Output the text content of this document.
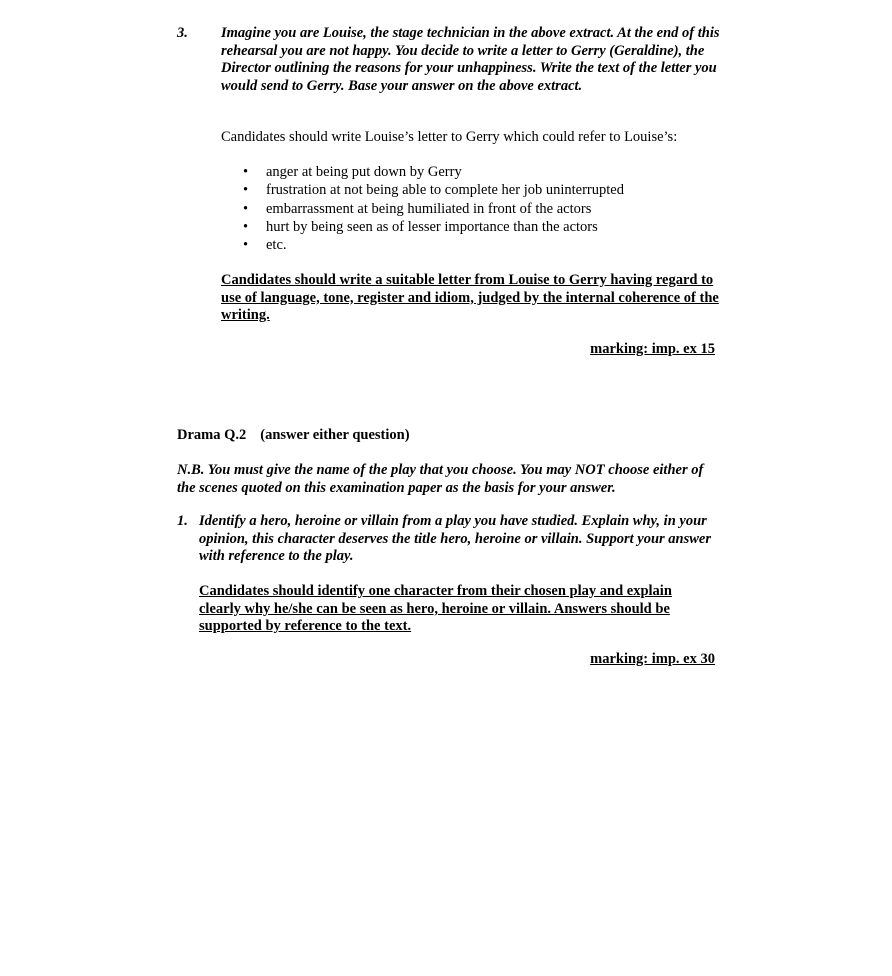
3. Imagine you are Louise, the stage technician in the above extract. At the end of this rehearsal you are not happy. You decide to write a letter to Gerry (Geraldine), the Director outlining the reasons for your unhappiness. Write the text of the letter you would send to Gerry. Base your answer on the above extract.
Candidates should write Louise’s letter to Gerry which could refer to Louise’s:
• anger at being put down by Gerry
• frustration at not being able to complete her job uninterrupted
• embarrassment at being humiliated in front of the actors
• hurt by being seen as of lesser importance than the actors
• etc.
Candidates should write a suitable letter from Louise to Gerry having regard to use of language, tone, register and idiom, judged by the internal coherence of the writing.
marking: imp. ex 15
Drama Q.2 (answer either question)
N.B. You must give the name of the play that you choose. You may NOT choose either of the scenes quoted on this examination paper as the basis for your answer.
1. Identify a hero, heroine or villain from a play you have studied. Explain why, in your opinion, this character deserves the title hero, heroine or villain. Support your answer with reference to the play.
Candidates should identify one character from their chosen play and explain clearly why he/she can be seen as hero, heroine or villain. Answers should be supported by reference to the text.
marking: imp. ex 30
